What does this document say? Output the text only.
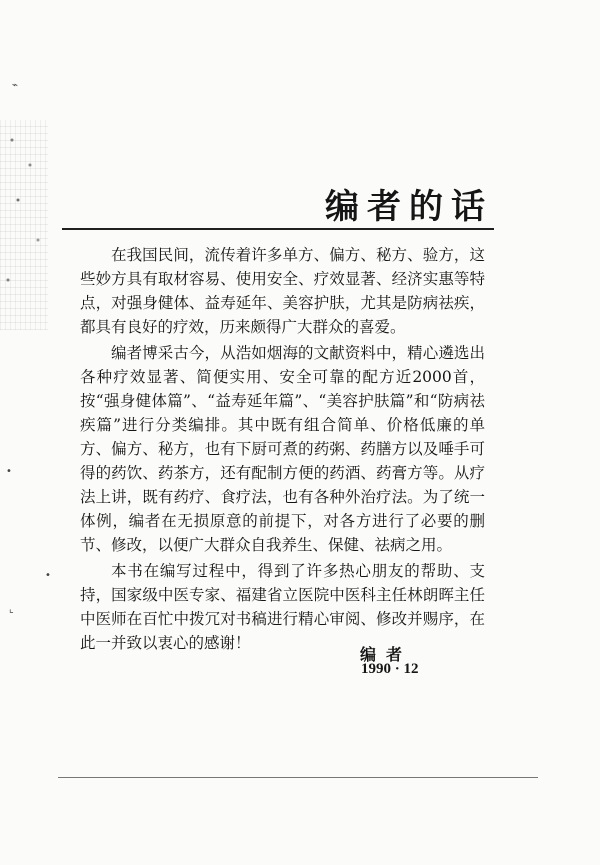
⌁
•
•
⌞
编者的话

在我国民间，流传着许多单方、偏方、秘方、验方，这些妙方具有取材容易、使用安全、疗效显著、经济实惠等特点，对强身健体、益寿延年、美容护肤，尤其是防病祛疾，都具有良好的疗效，历来颇得广大群众的喜爱。

编者博采古今，从浩如烟海的文献资料中，精心遴选出各种疗效显著、简便实用、安全可靠的配方近2000首，按“强身健体篇”、“益寿延年篇”、“美容护肤篇”和“防病祛疾篇”进行分类编排。其中既有组合简单、价格低廉的单方、偏方、秘方，也有下厨可煮的药粥、药膳方以及唾手可得的药饮、药茶方，还有配制方便的药酒、药膏方等。从疗法上讲，既有药疗、食疗法，也有各种外治疗法。为了统一体例，编者在无损原意的前提下，对各方进行了必要的删节、修改，以便广大群众自我养生、保健、祛病之用。

本书在编写过程中，得到了许多热心朋友的帮助、支持，国家级中医专家、福建省立医院中医科主任林朗晖主任中医师在百忙中拨冗对书稿进行精心审阅、修改并赐序，在此一并致以衷心的感谢！

编者
1990 · 12
